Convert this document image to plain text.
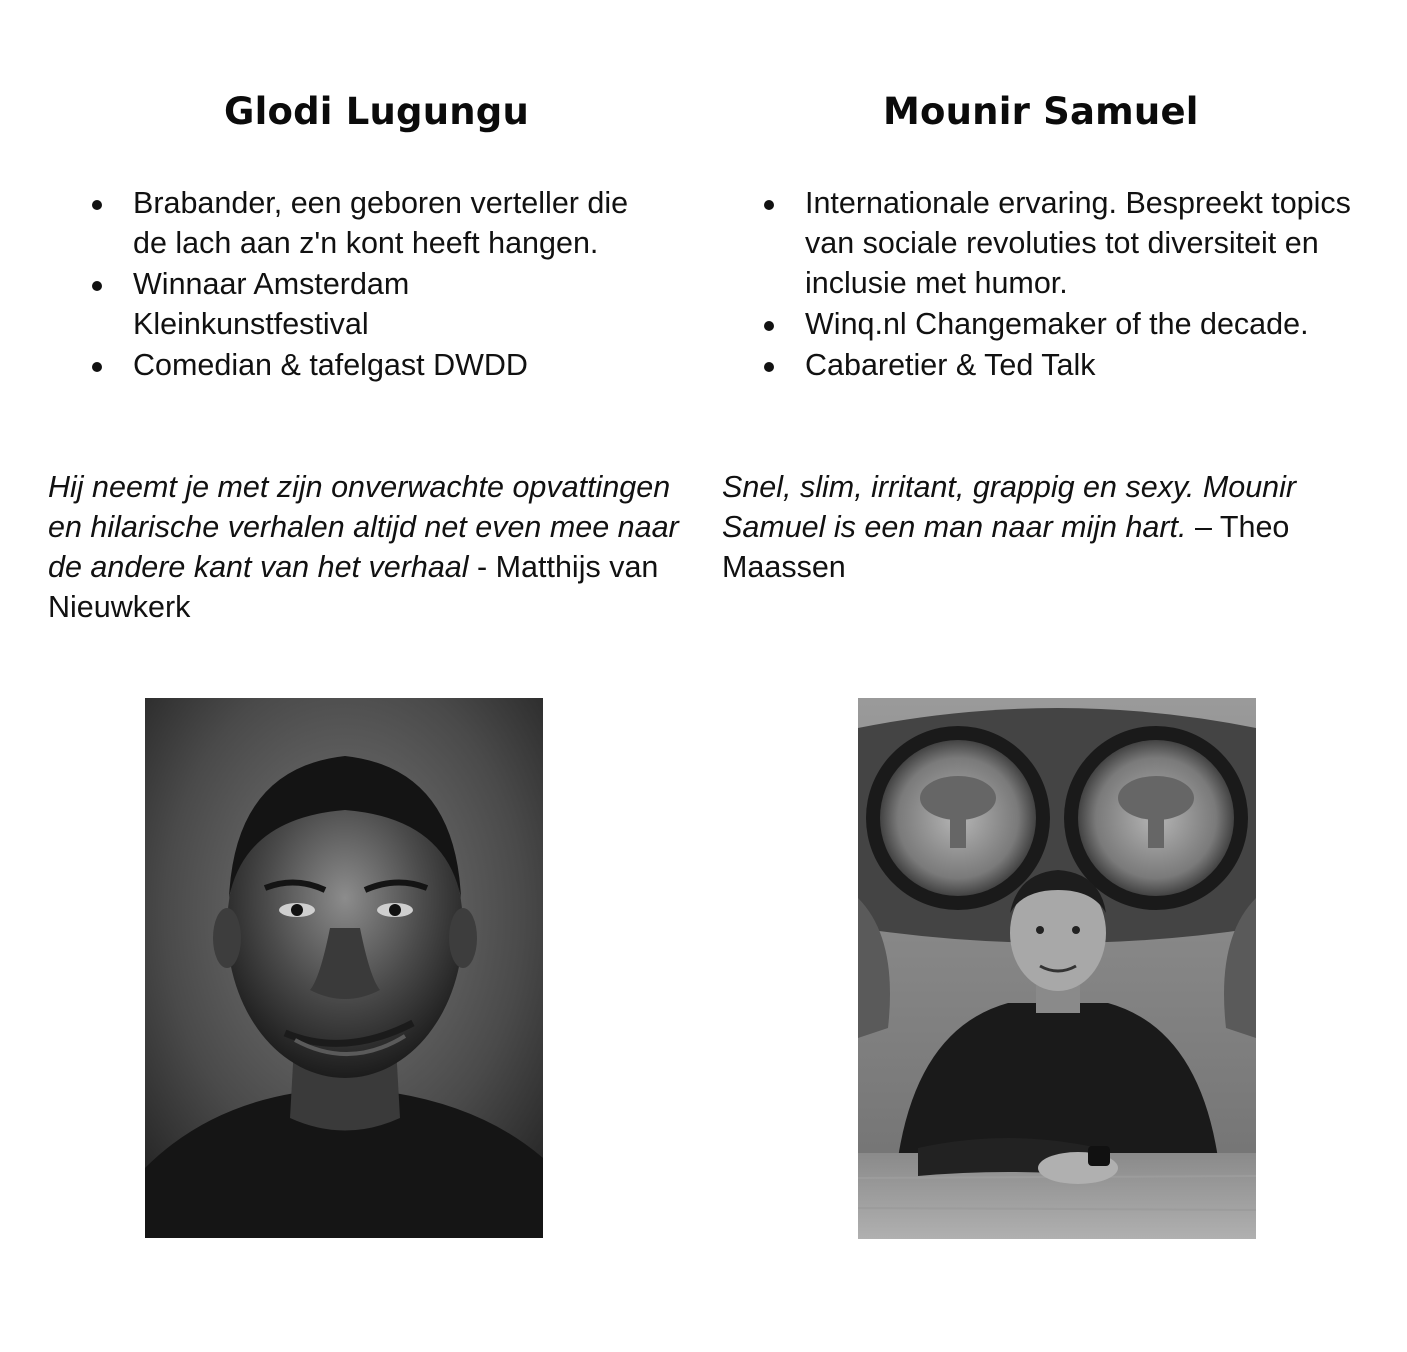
Glodi Lugungu
Brabander, een geboren verteller die de lach aan z'n kont heeft hangen.
Winnaar Amsterdam Kleinkunstfestival
Comedian & tafelgast DWDD

Hij neemt je met zijn onverwachte opvattingen en hilarische verhalen altijd net even mee naar de andere kant van het verhaal - Matthijs van Nieuwkerk

Mounir Samuel
Internationale ervaring. Bespreekt topics van sociale revoluties tot diversiteit en inclusie met humor.
Winq.nl Changemaker of the decade.
Cabaretier & Ted Talk

Snel, slim, irritant, grappig en sexy. Mounir Samuel is een man naar mijn hart. – Theo Maassen
